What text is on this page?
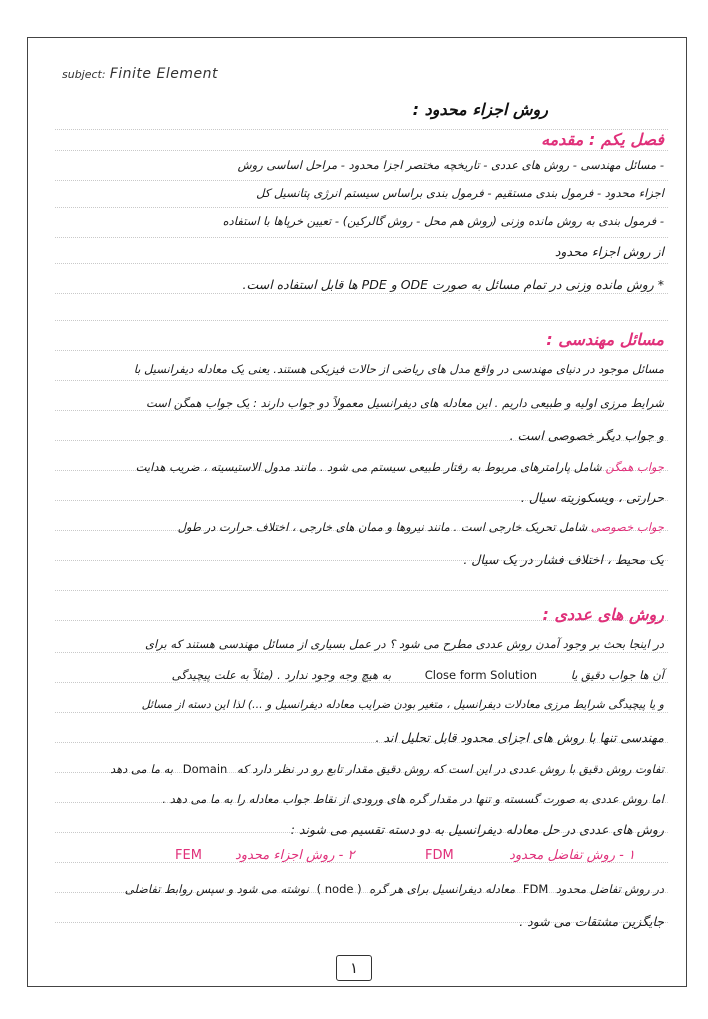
subject: Finite Element
روش اجزاء محدود :
فصل یکم : مقدمه
- مسائل مهندسی - روش های عددی - تاریخچه مختصر اجزا محدود - مراحل اساسی روش
اجزاء محدود - فرمول بندی مستقیم - فرمول بندی براساس سیستم انرژی پتانسیل کل
- فرمول بندی به روش مانده وزنی (روش هم محل - روش گالرکین) - تعیین خرپاها با استفاده
از روش اجزاء محدود
* روش مانده وزنی در تمام مسائل به صورت ODE و PDE ها قابل استفاده است.
مسائل مهندسی :
مسائل موجود در دنیای مهندسی در واقع مدل های ریاضی از حالات فیزیکی هستند. یعنی یک معادله دیفرانسیل با
شرایط مرزی اولیه و طبیعی داریم . این معادله های دیفرانسیل معمولاً دو جواب دارند : یک جواب همگن است
و جواب دیگر خصوصی است .
جواب همگن شامل پارامترهای مربوط به رفتار طبیعی سیستم می شود . مانند مدول الاستیسیته ، ضریب هدایت
حرارتی ، ویسکوزیته سیال .
جواب خصوصی شامل تحریک خارجی است . مانند نیروها و ممان های خارجی ، اختلاف حرارت در طول
یک محیط ، اختلاف فشار در یک سیال .
روش های عددی :
در اینجا بحث بر وجود آمدن روش عددی مطرح می شود ؟ در عمل بسیاری از مسائل مهندسی هستند که برای
آن ها جواب دقیق یا Close form Solution به هیچ وجه وجود ندارد . (مثلاً به علت پیچیدگی
و یا پیچیدگی شرایط مرزی معادلات دیفرانسیل ، متغیر بودن ضرایب معادله دیفرانسیل و ...) لذا این دسته از مسائل
مهندسی تنها با روش های اجزای محدود قابل تحلیل اند .
تفاوت روش دقیق با روش عددی در این است که روش دقیق مقدار تابع رو در نظر دارد که Domain به ما می دهد
اما روش عددی به صورت گسسته و تنها در مقدار گره های ورودی از نقاط جواب معادله را به ما می دهد .
روش های عددی در حل معادله دیفرانسیل به دو دسته تقسیم می شوند :
۱ - روش تفاضل محدود
FDM
۲ - روش اجزاء محدود
FEM
در روش تفاضل محدود FDM معادله دیفرانسیل برای هر گره ( node ) نوشته می شود و سپس روابط تفاضلی
جایگزین مشتقات می شود .
١
